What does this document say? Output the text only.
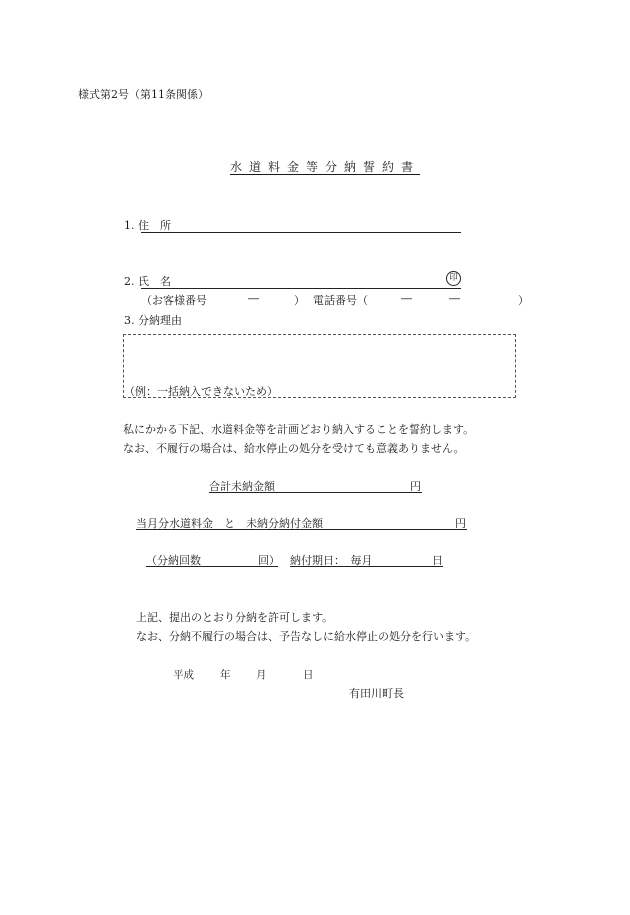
様式第2号（第11条関係）
水道料金等分納誓約書
1. 住　所
2. 氏　名	印
（お客様番号	―	） 電話番号（	―	―	）
3. 分納理由
（例：一括納入できないため）
私にかかる下記、水道料金等を計画どおり納入することを誓約します。
なお、不履行の場合は、給水停止の処分を受けても意義ありません。
合計未納金額	円
当月分水道料金　と　未納分納付金額	円
（分納回数	回） 納付期日：　毎月	日
上記、提出のとおり分納を許可します。
なお、分納不履行の場合は、予告なしに給水停止の処分を行います。
平成 年 月	日
有田川町長
